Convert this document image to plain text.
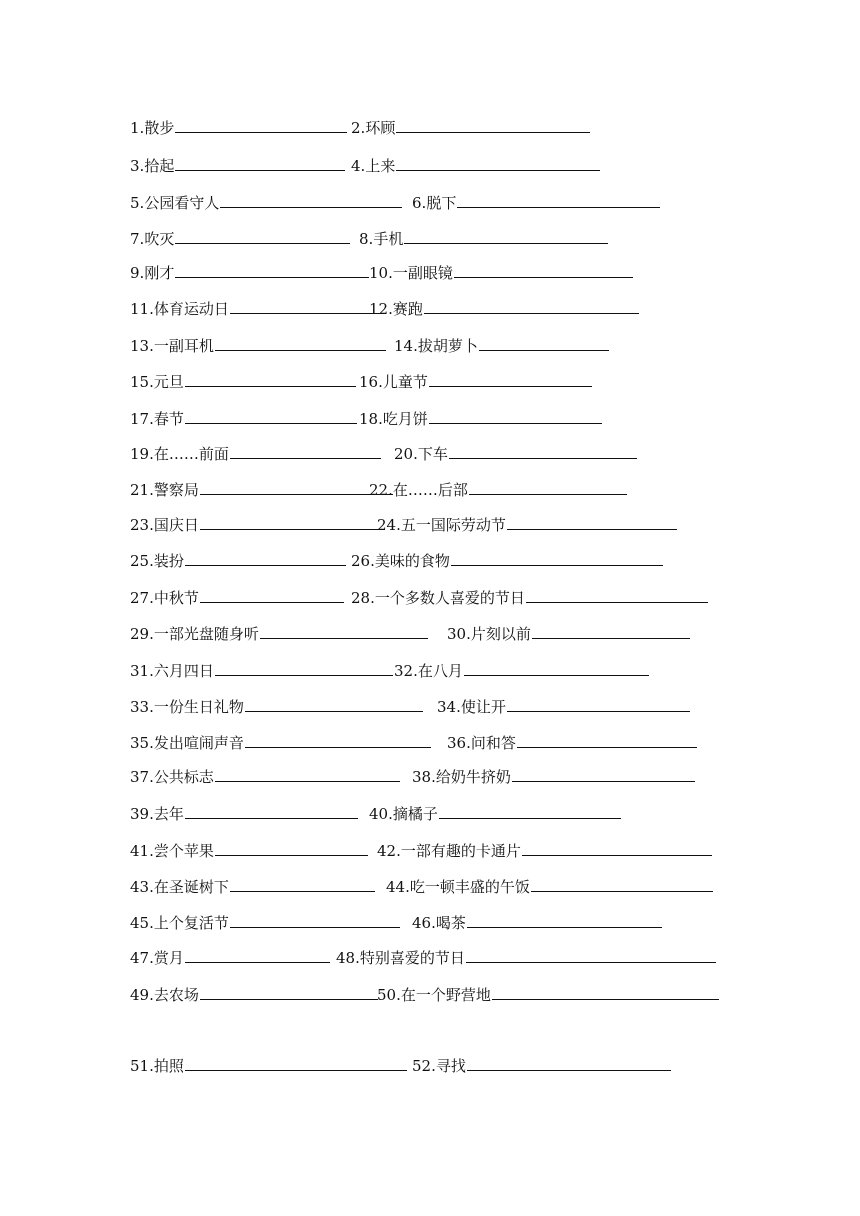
1.散步	2.环顾
3.拾起	4.上来
5.公园看守人	6.脱下
7.吹灭	8.手机
9.刚才	10.一副眼镜
11.体育运动日	12.赛跑
13.一副耳机	14.拔胡萝卜
15.元旦	16.儿童节
17.春节	18.吃月饼
19.在……前面	20.下车
21.警察局	22.在……后部
23.国庆日	24.五一国际劳动节
25.装扮	26.美味的食物
27.中秋节	28.一个多数人喜爱的节日
29.一部光盘随身听	30.片刻以前
31.六月四日	32.在八月
33.一份生日礼物	34.使让开
35.发出喧闹声音	36.问和答
37.公共标志	38.给奶牛挤奶
39.去年	40.摘橘子
41.尝个苹果	42.一部有趣的卡通片
43.在圣诞树下	44.吃一顿丰盛的午饭
45.上个复活节	46.喝茶
47.赏月	48.特别喜爱的节日
49.去农场	50.在一个野营地
51.拍照	52.寻找
